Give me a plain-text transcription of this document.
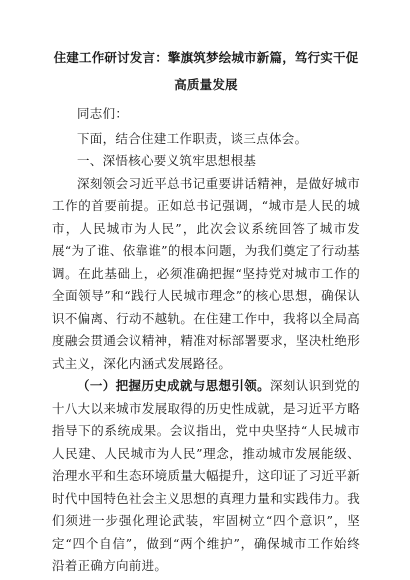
住建工作研讨发言：擎旗筑梦绘城市新篇，笃行实干促高质量发展

同志们：

下面，结合住建工作职责，谈三点体会。

一、深悟核心要义筑牢思想根基

深刻领会习近平总书记重要讲话精神，是做好城市工作的首要前提。正如总书记强调，“城市是人民的城市，人民城市为人民”，此次会议系统回答了城市发展“为了谁、依靠谁”的根本问题，为我们奠定了行动基调。在此基础上，必须准确把握“坚持党对城市工作的全面领导”和“践行人民城市理念”的核心思想，确保认识不偏离、行动不越轨。在住建工作中，我将以全局高度融会贯通会议精神，精准对标部署要求，坚决杜绝形式主义，深化内涵式发展路径。

（一）把握历史成就与思想引领。深刻认识到党的十八大以来城市发展取得的历史性成就，是习近平方略指导下的系统成果。会议指出，党中央坚持“人民城市人民建、人民城市为人民”理念，推动城市发展能级、治理水平和生态环境质量大幅提升，这印证了习近平新时代中国特色社会主义思想的真理力量和实践伟力。我们须进一步强化理论武装，牢固树立“四个意识”，坚定“四个自信”，做到“两个维护”，确保城市工作始终沿着正确方向前进。
